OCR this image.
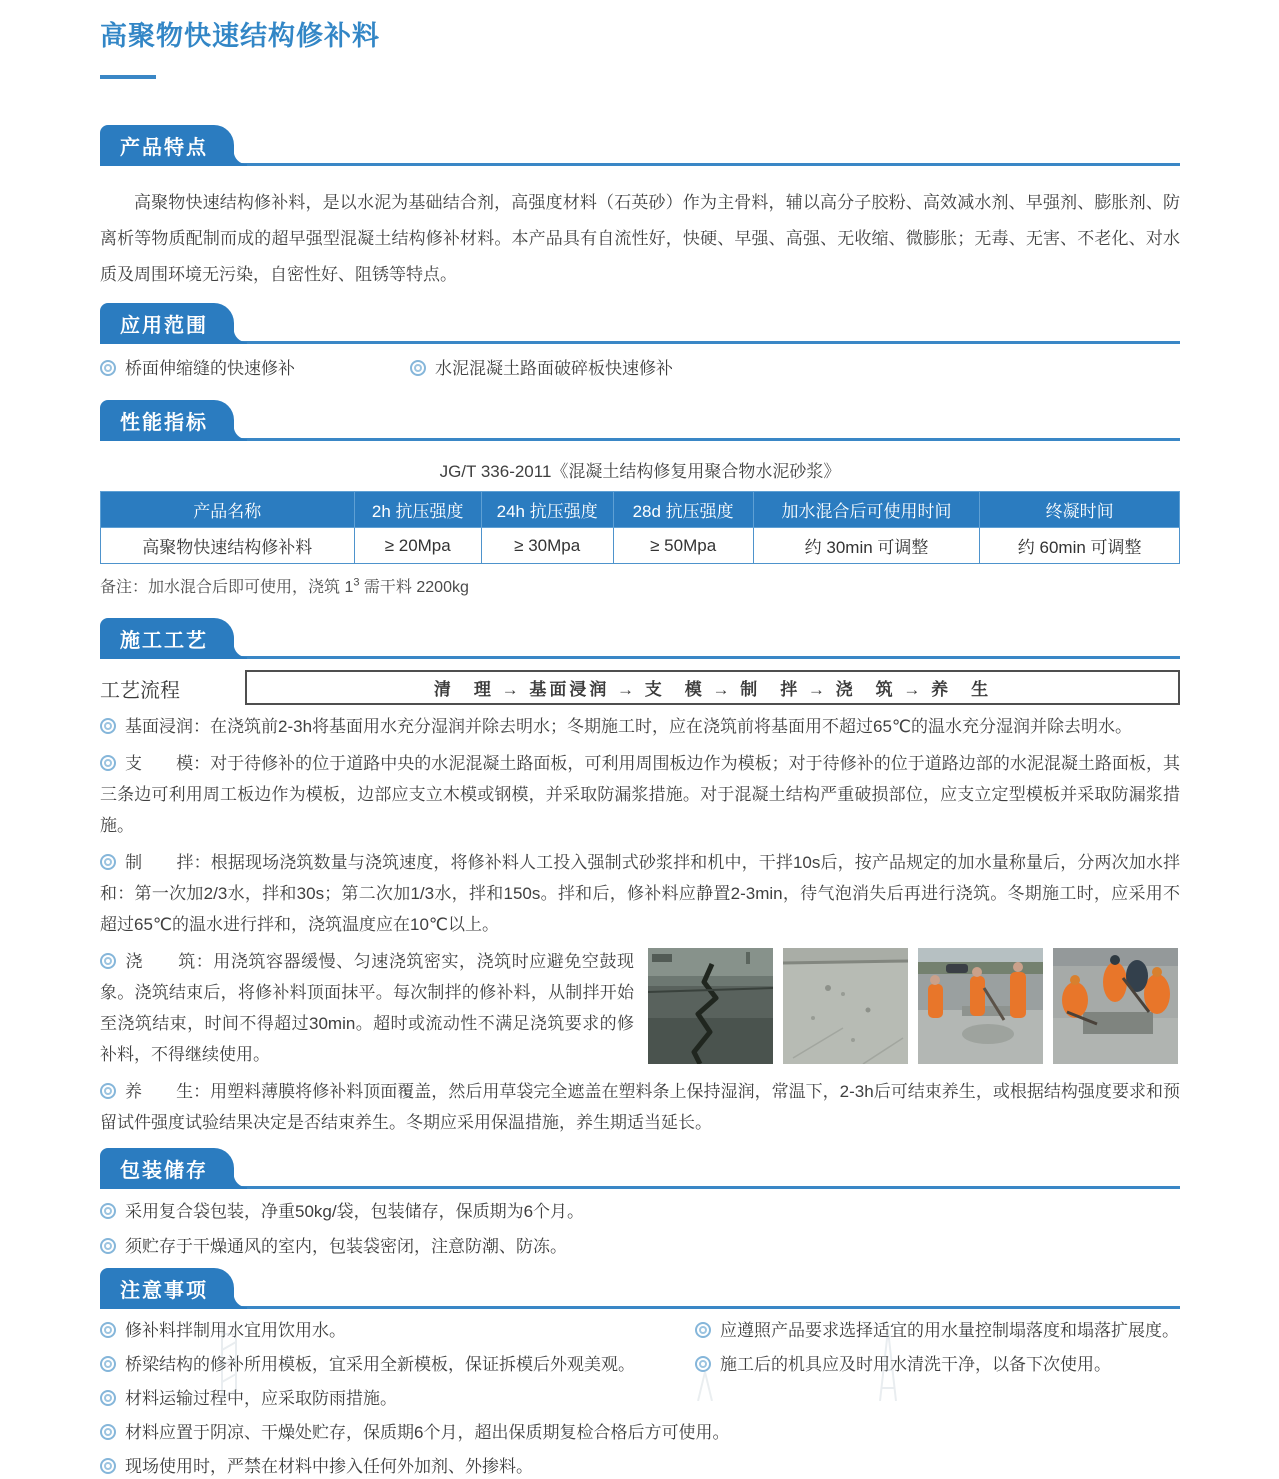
高聚物快速结构修补料
产品特点
高聚物快速结构修补料，是以水泥为基础结合剂，高强度材料（石英砂）作为主骨料，辅以高分子胶粉、高效减水剂、早强剂、膨胀剂、防离析等物质配制而成的超早强型混凝土结构修补材料。本产品具有自流性好，快硬、早强、高强、无收缩、微膨胀；无毒、无害、不老化、对水质及周围环境无污染，自密性好、阻锈等特点。
应用范围
桥面伸缩缝的快速修补	水泥混凝土路面破碎板快速修补
性能指标
JG/T 336-2011《混凝土结构修复用聚合物水泥砂浆》
产品名称	2h 抗压强度	24h 抗压强度	28d 抗压强度	加水混合后可使用时间	终凝时间
高聚物快速结构修补料	≥ 20Mpa	≥ 30Mpa	≥ 50Mpa	约 30min 可调整	约 60min 可调整
备注：加水混合后即可使用，浇筑 $1^3$ 需干料 2200kg
施工工艺
工艺流程	清　理 → 基面浸润 → 支　模 → 制　拌 → 浇　筑 → 养　生
基面浸润：在浇筑前2-3h将基面用水充分湿润并除去明水；冬期施工时，应在浇筑前将基面用不超过65℃的温水充分湿润并除去明水。
支　　模：对于待修补的位于道路中央的水泥混凝土路面板，可利用周围板边作为模板；对于待修补的位于道路边部的水泥混凝土路面板，其三条边可利用周工板边作为模板，边部应支立木模或钢模，并采取防漏浆措施。对于混凝土结构严重破损部位，应支立定型模板并采取防漏浆措施。
制　　拌：根据现场浇筑数量与浇筑速度，将修补料人工投入强制式砂浆拌和机中，干拌10s后，按产品规定的加水量称量后，分两次加水拌和：第一次加2/3水，拌和30s；第二次加1/3水，拌和150s。拌和后，修补料应静置2-3min，待气泡消失后再进行浇筑。冬期施工时，应采用不超过65℃的温水进行拌和，浇筑温度应在10℃以上。
浇　　筑：用浇筑容器缓慢、匀速浇筑密实，浇筑时应避免空鼓现象。浇筑结束后，将修补料顶面抹平。每次制拌的修补料，从制拌开始至浇筑结束，时间不得超过30min。超时或流动性不满足浇筑要求的修补料，不得继续使用。
养　　生：用塑料薄膜将修补料顶面覆盖，然后用草袋完全遮盖在塑料条上保持湿润，常温下，2-3h后可结束养生，或根据结构强度要求和预留试件强度试验结果决定是否结束养生。冬期应采用保温措施，养生期适当延长。
包装储存
采用复合袋包装，净重50kg/袋，包装储存，保质期为6个月。
须贮存于干燥通风的室内，包装袋密闭，注意防潮、防冻。
注意事项
修补料拌制用水宜用饮用水。	应遵照产品要求选择适宜的用水量控制塌落度和塌落扩展度。
桥梁结构的修补所用模板，宜采用全新模板，保证拆模后外观美观。	施工后的机具应及时用水清洗干净，以备下次使用。
材料运输过程中，应采取防雨措施。
材料应置于阴凉、干燥处贮存，保质期6个月，超出保质期复检合格后方可使用。
现场使用时，严禁在材料中掺入任何外加剂、外掺料。
